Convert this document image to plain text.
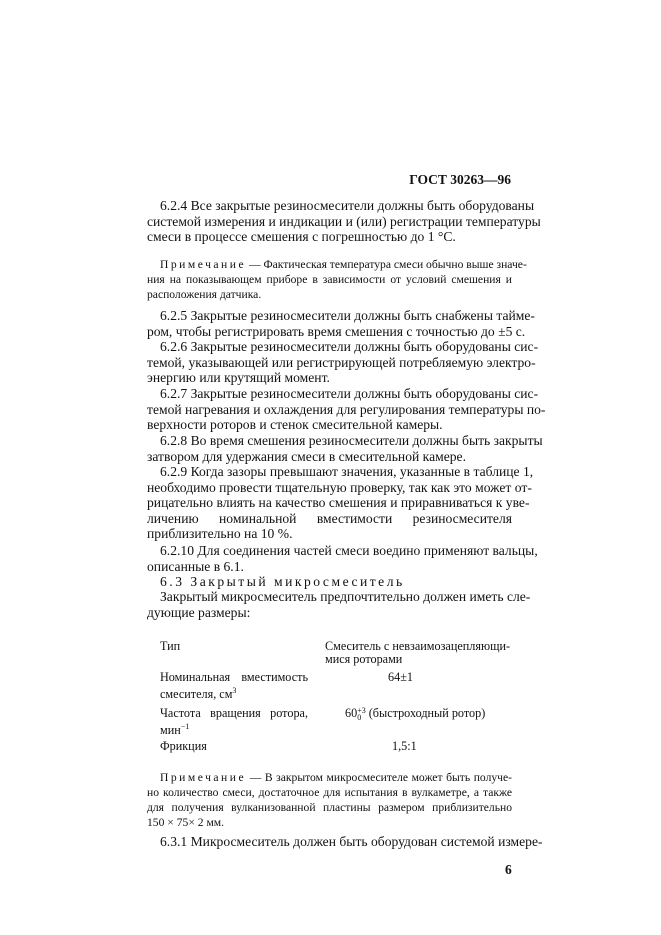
ГОСТ 30263—96
6.2.4 Все закрытые резиносмесители должны быть оборудованы
системой измерения и индикации и (или) регистрации температуры
смеси в процессе смешения с погрешностью до 1 °С.
Примечание — Фактическая температура смеси обычно выше значе-
ния на показывающем приборе в зависимости от условий смешения и
расположения датчика.
6.2.5 Закрытые резиносмесители должны быть снабжены тайме-
ром, чтобы регистрировать время смешения с точностью до ±5 с.
6.2.6 Закрытые резиносмесители должны быть оборудованы сис-
темой, указывающей или регистрирующей потребляемую электро-
энергию или крутящий момент.
6.2.7 Закрытые резиносмесители должны быть оборудованы сис-
темой нагревания и охлаждения для регулирования температуры по-
верхности роторов и стенок смесительной камеры.
6.2.8 Во время смешения резиносмесители должны быть закрыты
затвором для удержания смеси в смесительной камере.
6.2.9 Когда зазоры превышают значения, указанные в таблице 1,
необходимо провести тщательную проверку, так как это может от-
рицательно влиять на качество смешения и приравниваться к уве-
личению номинальной вместимости резиносмесителя
приблизительно на 10 %.
6.2.10 Для соединения частей смеси воедино применяют вальцы,
описанные в 6.1.
6.3 Закрытый микросмеситель
Закрытый микросмеситель предпочтительно должен иметь сле-
дующие размеры:
Примечание — В закрытом микросмесителе может быть получе-
но количество смеси, достаточное для испытания в вулкаметре, а также
для получения вулканизованной пластины размером приблизительно
150 × 75× 2 мм.
6.3.1 Микросмеситель должен быть оборудован системой измере-
Тип	Смеситель с невзаимозацепляющи-
мися роторами
Номинальная вместимость
смесителя, $см^3$
64±1
Частота вращения ротора,
мин$^{-1}$
60 +3
0 (быстроходный ротор)
Фрикция	1,5:1
6
